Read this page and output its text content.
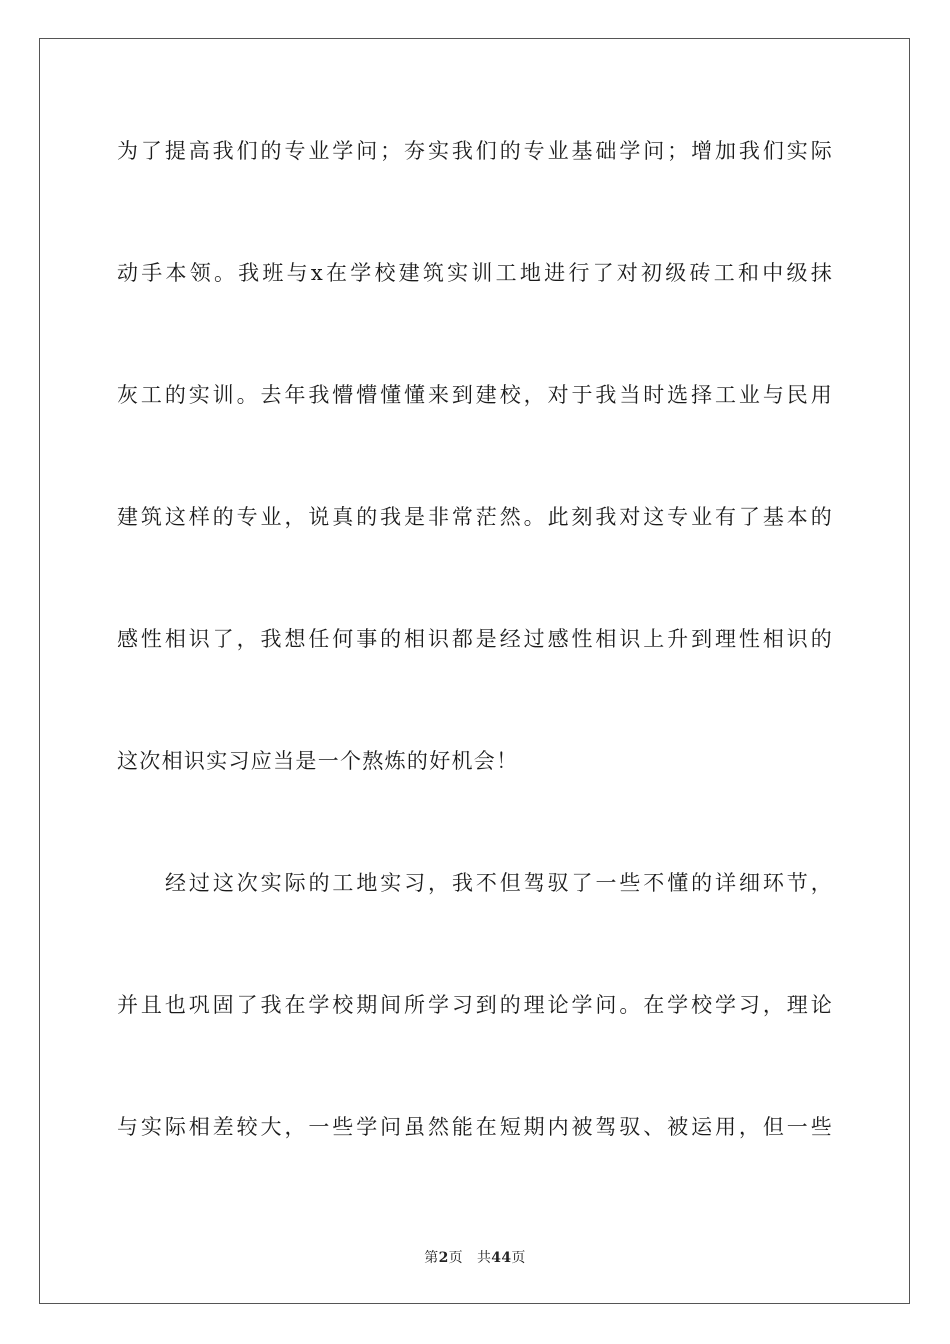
为了提高我们的专业学问；夯实我们的专业基础学问；增加我们实际
动手本领。我班与x在学校建筑实训工地进行了对初级砖工和中级抹
灰工的实训。去年我懵懵懂懂来到建校，对于我当时选择工业与民用
建筑这样的专业，说真的我是非常茫然。此刻我对这专业有了基本的
感性相识了，我想任何事的相识都是经过感性相识上升到理性相识的
这次相识实习应当是一个熬炼的好机会！
经过这次实际的工地实习，我不但驾驭了一些不懂的详细环节，
并且也巩固了我在学校期间所学习到的理论学问。在学校学习，理论
与实际相差较大，一些学问虽然能在短期内被驾驭、被运用，但一些
第2页 共44页
